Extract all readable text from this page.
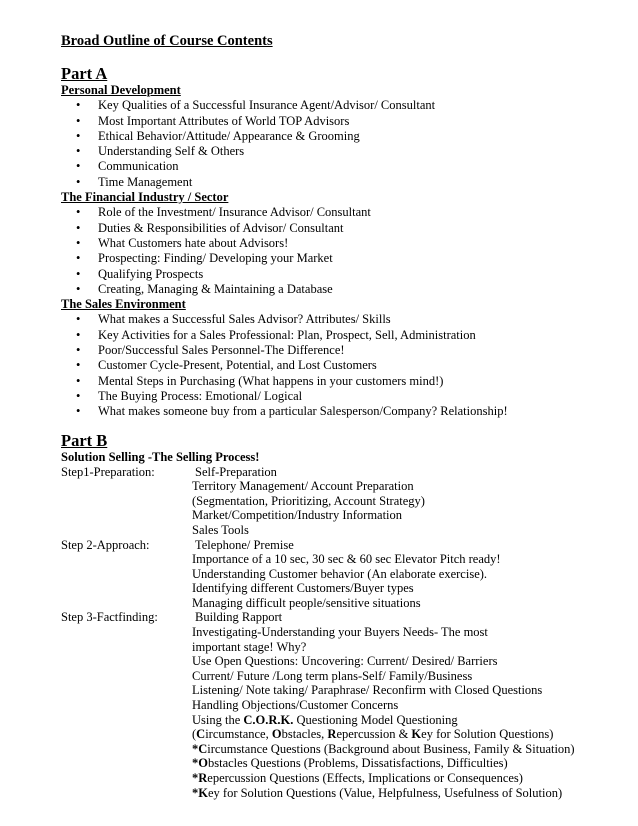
Broad Outline of Course Contents
Part A
Personal Development
• Key Qualities of a Successful Insurance Agent/Advisor/ Consultant
• Most Important Attributes of World TOP Advisors
• Ethical Behavior/Attitude/ Appearance & Grooming
• Understanding Self & Others
• Communication
• Time Management
The Financial Industry / Sector
• Role of the Investment/ Insurance Advisor/ Consultant
• Duties & Responsibilities of Advisor/ Consultant
• What Customers hate about Advisors!
• Prospecting: Finding/ Developing your Market
• Qualifying Prospects
• Creating, Managing & Maintaining a Database
The Sales Environment
• What makes a Successful Sales Advisor? Attributes/ Skills
• Key Activities for a Sales Professional: Plan, Prospect, Sell, Administration
• Poor/Successful Sales Personnel-The Difference!
• Customer Cycle-Present, Potential, and Lost Customers
• Mental Steps in Purchasing (What happens in your customers mind!)
• The Buying Process: Emotional/ Logical
• What makes someone buy from a particular Salesperson/Company? Relationship!
Part B
Solution Selling -The Selling Process!
Step1-Preparation:	Self-Preparation
Territory Management/ Account Preparation
(Segmentation, Prioritizing, Account Strategy)
Market/Competition/Industry Information
Sales Tools
Step 2-Approach:	Telephone/ Premise
Importance of a 10 sec, 30 sec & 60 sec Elevator Pitch ready!
Understanding Customer behavior (An elaborate exercise).
Identifying different Customers/Buyer types
Managing difficult people/sensitive situations
Step 3-Factfinding:	Building Rapport
Investigating-Understanding your Buyers Needs- The most
important stage! Why?
Use Open Questions: Uncovering: Current/ Desired/ Barriers
Current/ Future /Long term plans-Self/ Family/Business
Listening/ Note taking/ Paraphrase/ Reconfirm with Closed Questions
Handling Objections/Customer Concerns
Using the C.O.R.K. Questioning Model Questioning
(Circumstance, Obstacles, Repercussion & Key for Solution Questions)
*Circumstance Questions (Background about Business, Family & Situation)
*Obstacles Questions (Problems, Dissatisfactions, Difficulties)
*Repercussion Questions (Effects, Implications or Consequences)
*Key for Solution Questions (Value, Helpfulness, Usefulness of Solution)
